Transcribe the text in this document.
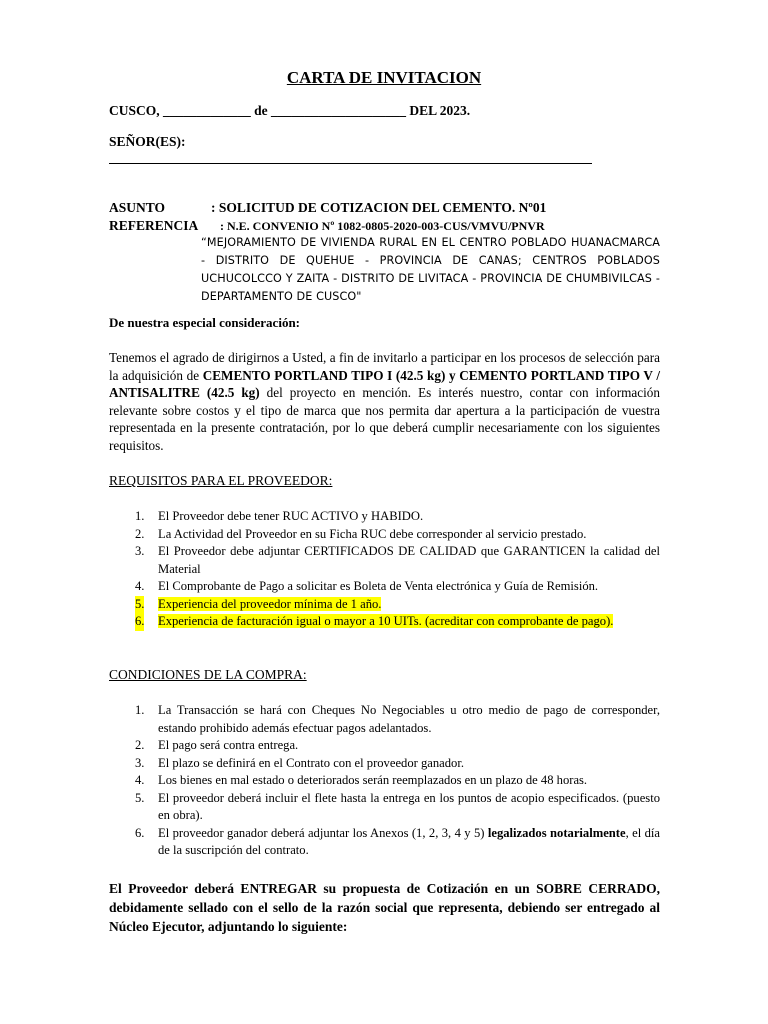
CARTA DE INVITACION
CUSCO, _____________ de ____________________ DEL 2023.
SEÑOR(ES):
ASUNTO	: SOLICITUD DE COTIZACION DEL CEMENTO. Nº01
REFERENCIA : N.E. CONVENIO Nº 1082-0805-2020-003-CUS/VMVU/PNVR
“MEJORAMIENTO DE VIVIENDA RURAL EN EL CENTRO POBLADO HUANACMARCA - DISTRITO DE QUEHUE - PROVINCIA DE CANAS; CENTROS POBLADOS UCHUCOLCCO Y ZAITA - DISTRITO DE LIVITACA - PROVINCIA DE CHUMBIVILCAS - DEPARTAMENTO DE CUSCO"
De nuestra especial consideración:
Tenemos el agrado de dirigirnos a Usted, a fin de invitarlo a participar en los procesos de selección para la adquisición de CEMENTO PORTLAND TIPO I (42.5 kg) y CEMENTO PORTLAND TIPO V / ANTISALITRE (42.5 kg) del proyecto en mención. Es interés nuestro, contar con información relevante sobre costos y el tipo de marca que nos permita dar apertura a la participación de vuestra representada en la presente contratación, por lo que deberá cumplir necesariamente con los siguientes requisitos.
REQUISITOS PARA EL PROVEEDOR:
1. El Proveedor debe tener RUC ACTIVO y HABIDO.
2. La Actividad del Proveedor en su Ficha RUC debe corresponder al servicio prestado.
3. El Proveedor debe adjuntar CERTIFICADOS DE CALIDAD que GARANTICEN la calidad del Material
4. El Comprobante de Pago a solicitar es Boleta de Venta electrónica y Guía de Remisión.
5. Experiencia del proveedor mínima de 1 año.
6. Experiencia de facturación igual o mayor a 10 UITs. (acreditar con comprobante de pago).
CONDICIONES DE LA COMPRA:
1. La Transacción se hará con Cheques No Negociables u otro medio de pago de corresponder, estando prohibido además efectuar pagos adelantados.
2. El pago será contra entrega.
3. El plazo se definirá en el Contrato con el proveedor ganador.
4. Los bienes en mal estado o deteriorados serán reemplazados en un plazo de 48 horas.
5. El proveedor deberá incluir el flete hasta la entrega en los puntos de acopio especificados. (puesto en obra).
6. El proveedor ganador deberá adjuntar los Anexos (1, 2, 3, 4 y 5) legalizados notarialmente, el día de la suscripción del contrato.
El Proveedor deberá ENTREGAR su propuesta de Cotización en un SOBRE CERRADO, debidamente sellado con el sello de la razón social que representa, debiendo ser entregado al Núcleo Ejecutor, adjuntando lo siguiente:
